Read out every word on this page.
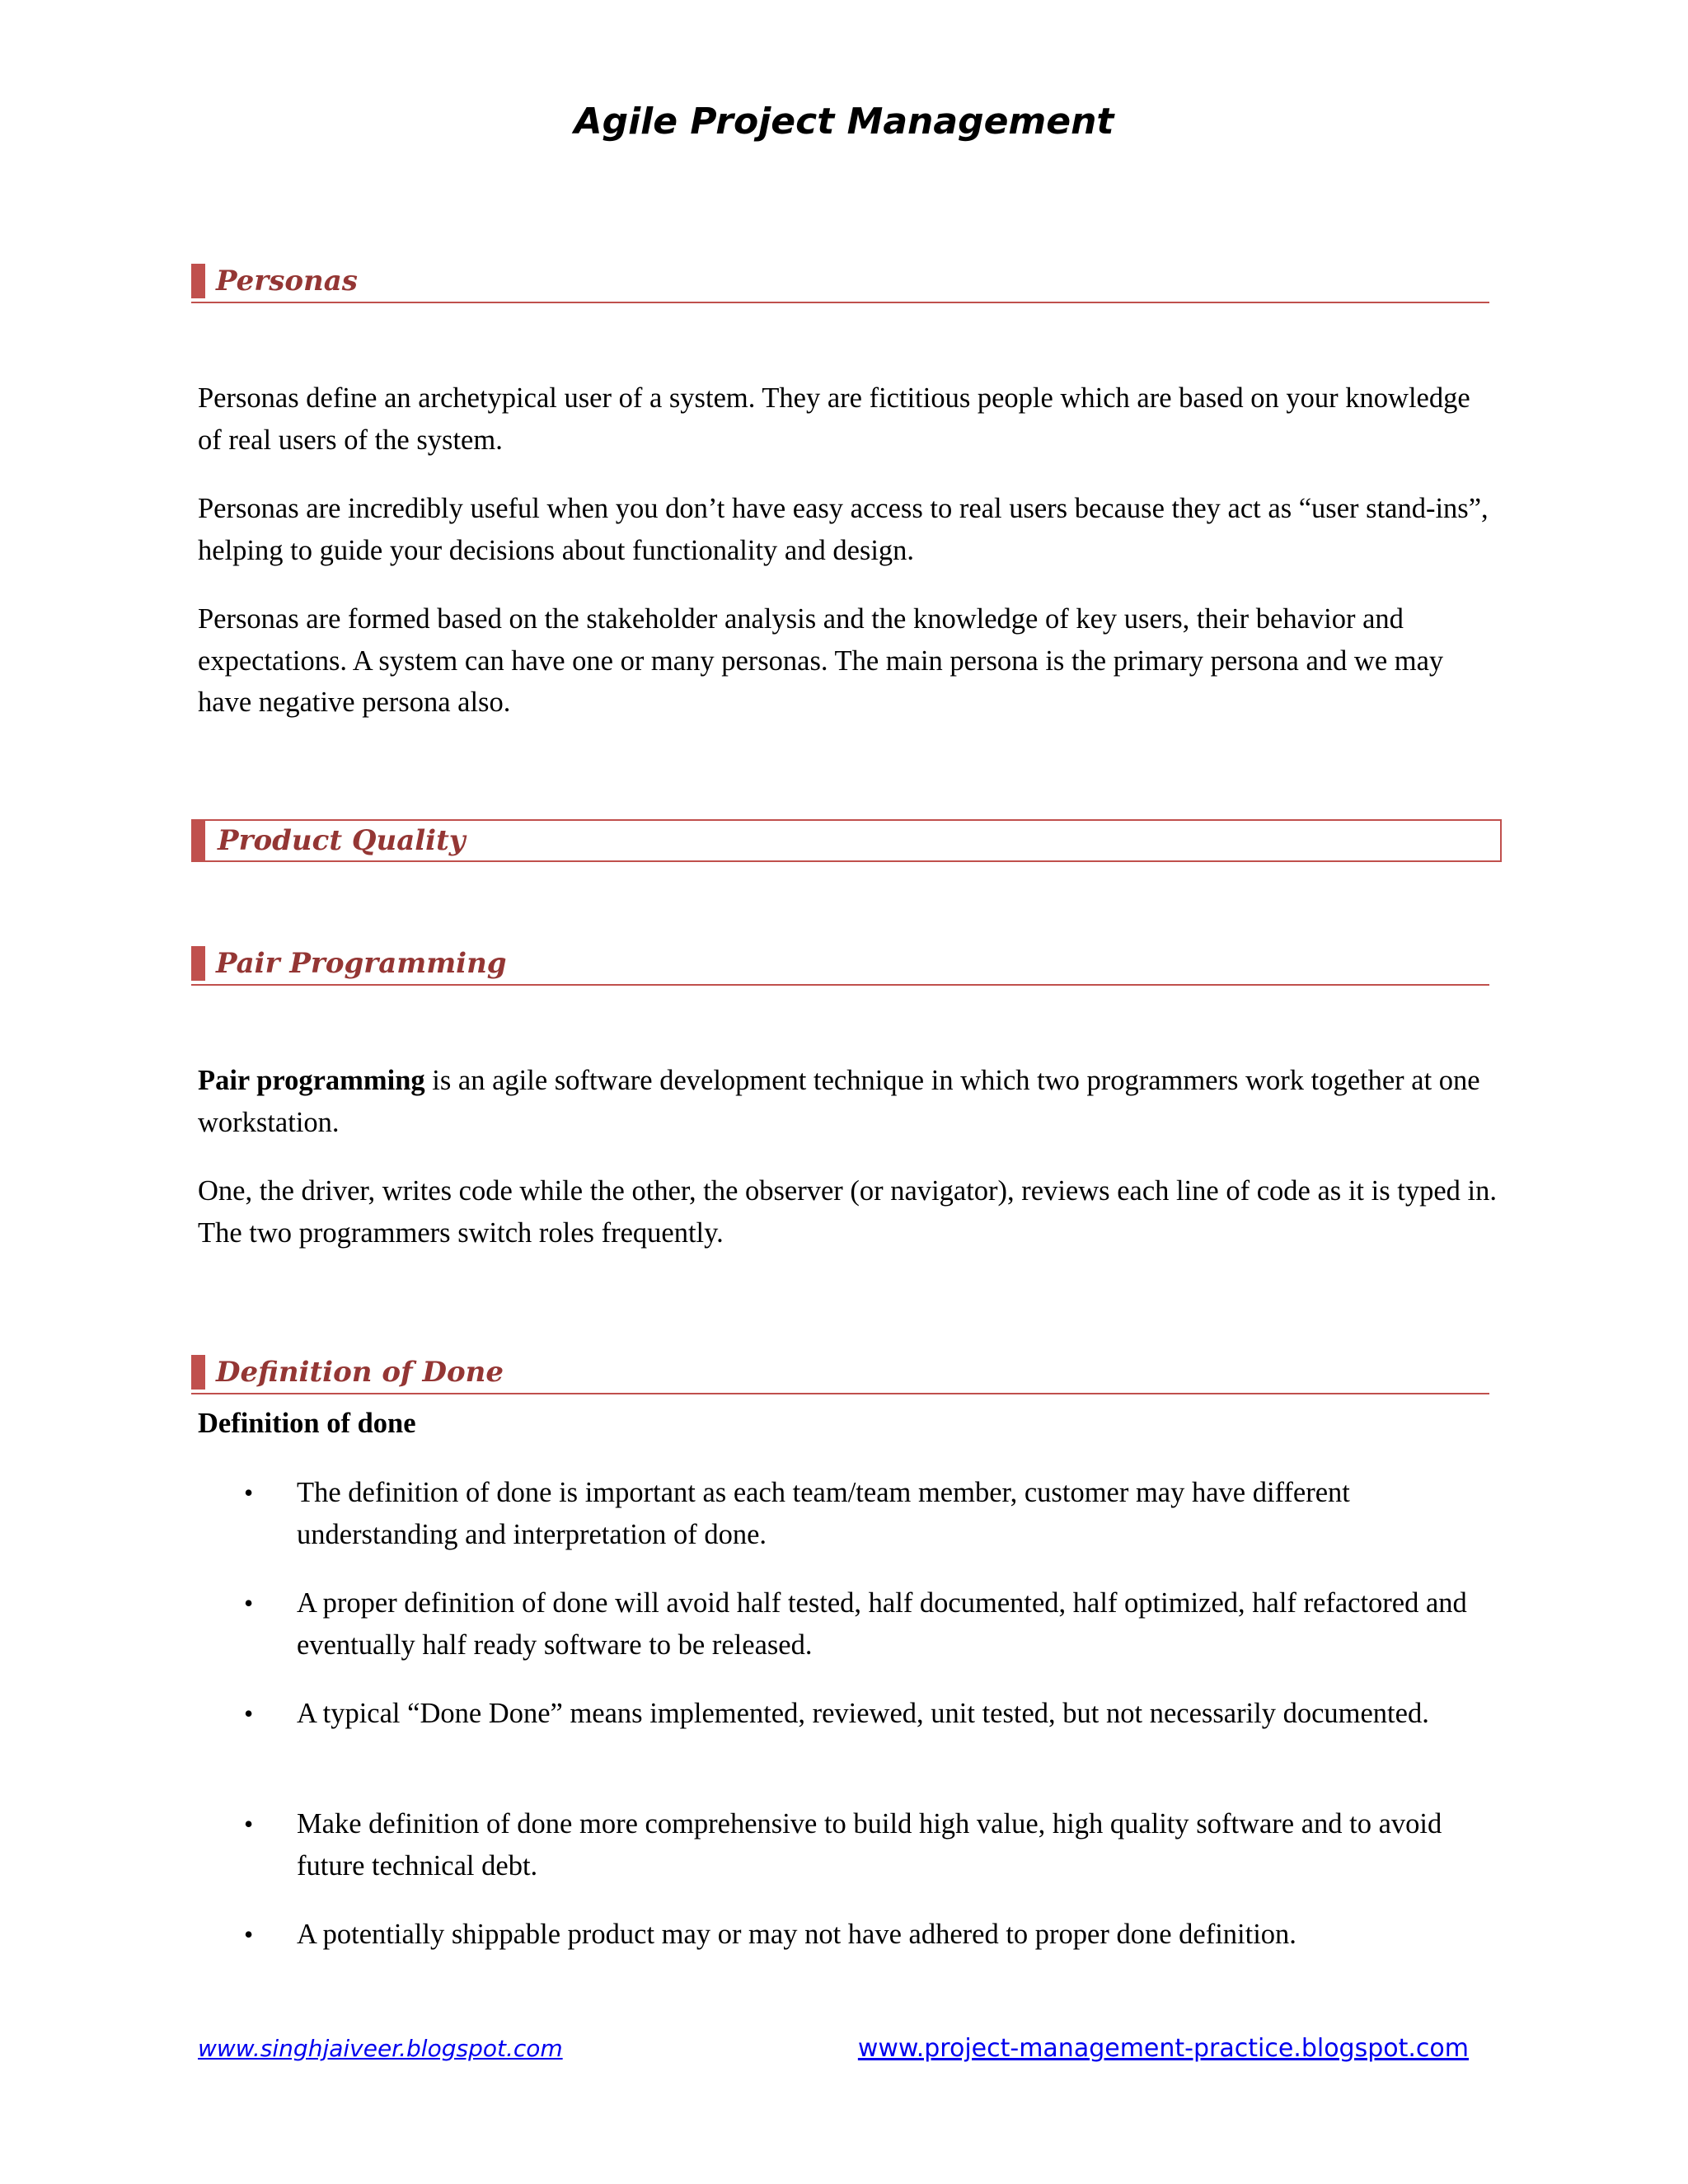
Agile Project Management
Personas

Personas define an archetypical user of a system. They are fictitious people which are based on your knowledge of real users of the system.

Personas are incredibly useful when you don’t have easy access to real users because they act as “user stand-ins”, helping to guide your decisions about functionality and design.

Personas are formed based on the stakeholder analysis and the knowledge of key users, their behavior and expectations. A system can have one or many personas. The main persona is the primary persona and we may have negative persona also.

Product Quality
Pair Programming

Pair programming is an agile software development technique in which two programmers work together at one workstation.

One, the driver, writes code while the other, the observer (or navigator), reviews each line of code as it is typed in. The two programmers switch roles frequently.

Definition of Done

Definition of done

• The definition of done is important as each team/team member, customer may have different understanding and interpretation of done.

• A proper definition of done will avoid half tested, half documented, half optimized, half refactored and eventually half ready software to be released.

• A typical “Done Done” means implemented, reviewed, unit tested, but not necessarily documented.

• Make definition of done more comprehensive to build high value, high quality software and to avoid future technical debt.

• A potentially shippable product may or may not have adhered to proper done definition.

www.singhjaiveer.blogspot.com	www.project-management-practice.blogspot.com
